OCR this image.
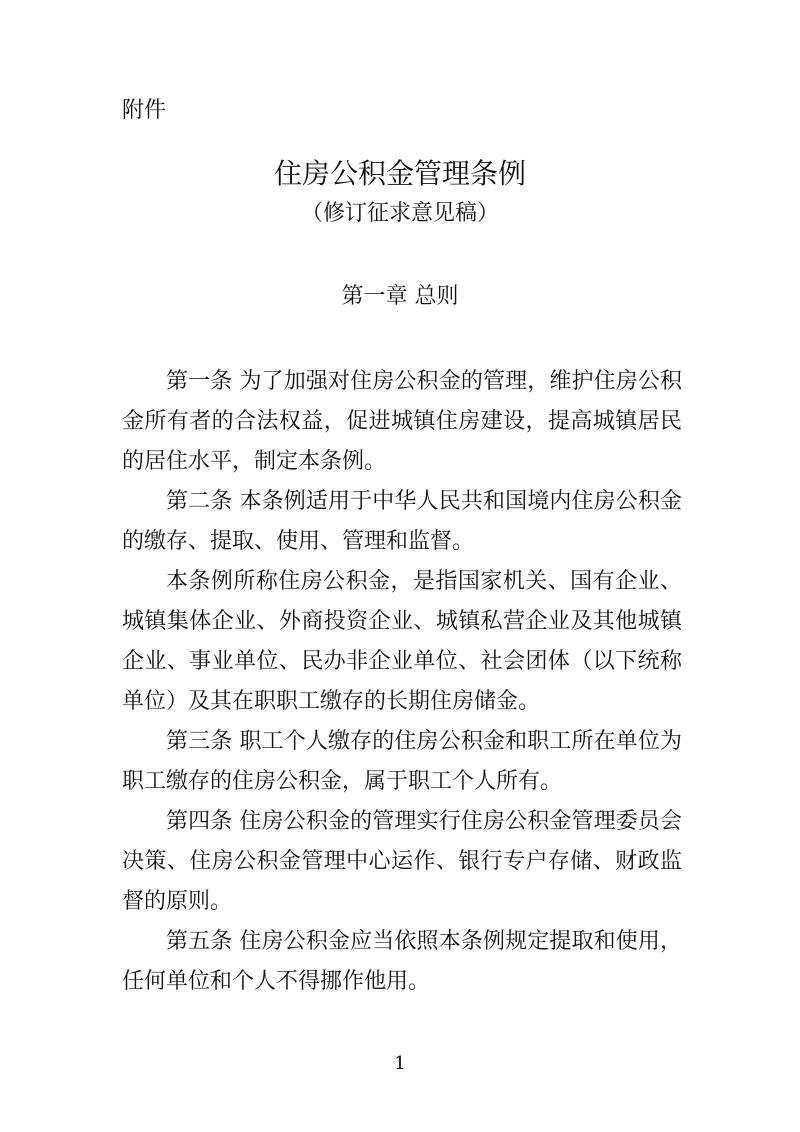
附件
住房公积金管理条例
（修订征求意见稿）
第一章 总则

第一条 为了加强对住房公积金的管理，维护住房公积金所有者的合法权益，促进城镇住房建设，提高城镇居民的居住水平，制定本条例。

第二条 本条例适用于中华人民共和国境内住房公积金的缴存、提取、使用、管理和监督。

本条例所称住房公积金，是指国家机关、国有企业、城镇集体企业、外商投资企业、城镇私营企业及其他城镇企业、事业单位、民办非企业单位、社会团体（以下统称单位）及其在职职工缴存的长期住房储金。

第三条 职工个人缴存的住房公积金和职工所在单位为职工缴存的住房公积金，属于职工个人所有。

第四条 住房公积金的管理实行住房公积金管理委员会决策、住房公积金管理中心运作、银行专户存储、财政监督的原则。

第五条 住房公积金应当依照本条例规定提取和使用，任何单位和个人不得挪作他用。

1
